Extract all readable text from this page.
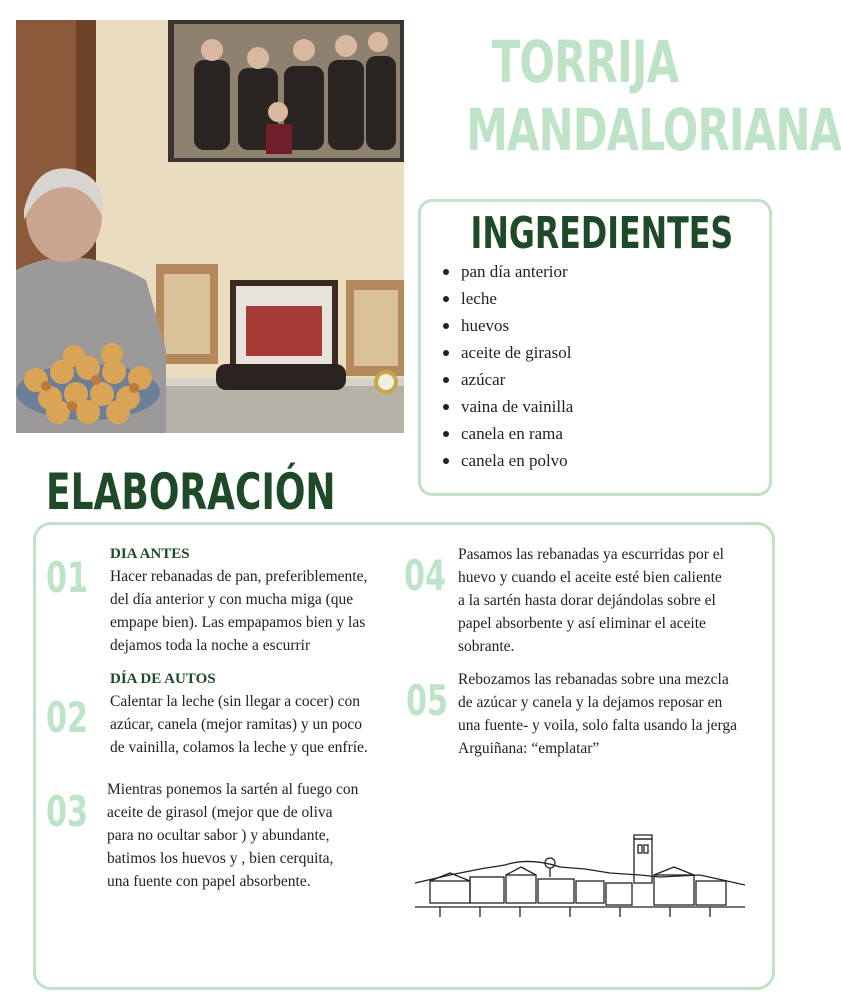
TORRIJA
MANDALORIANA
INGREDIENTES
pan día anterior
leche
huevos
aceite de girasol
azúcar
vaina de vainilla
canela en rama
canela en polvo
ELABORACIÓN
01 DIA ANTES
Hacer rebanadas de pan, preferiblemente,
del día anterior y con mucha miga (que
empape bien). Las empapamos bien y las
dejamos toda la noche a escurrir
02
DÍA DE AUTOS
Calentar la leche (sin llegar a cocer) con
azúcar, canela (mejor ramitas) y un poco
de vainilla, colamos la leche y que enfríe.
03 Mientras ponemos la sartén al fuego con
aceite de girasol (mejor que de oliva
para no ocultar sabor ) y abundante,
batimos los huevos y , bien cerquita,
una fuente con papel absorbente.
04 Pasamos las rebanadas ya escurridas por el
huevo y cuando el aceite esté bien caliente
a la sartén hasta dorar dejándolas sobre el
papel absorbente y así eliminar el aceite
sobrante.
05 Rebozamos las rebanadas sobre una mezcla
de azúcar y canela y la dejamos reposar en
una fuente- y voila, solo falta usando la jerga
Arguiñana: “emplatar”
